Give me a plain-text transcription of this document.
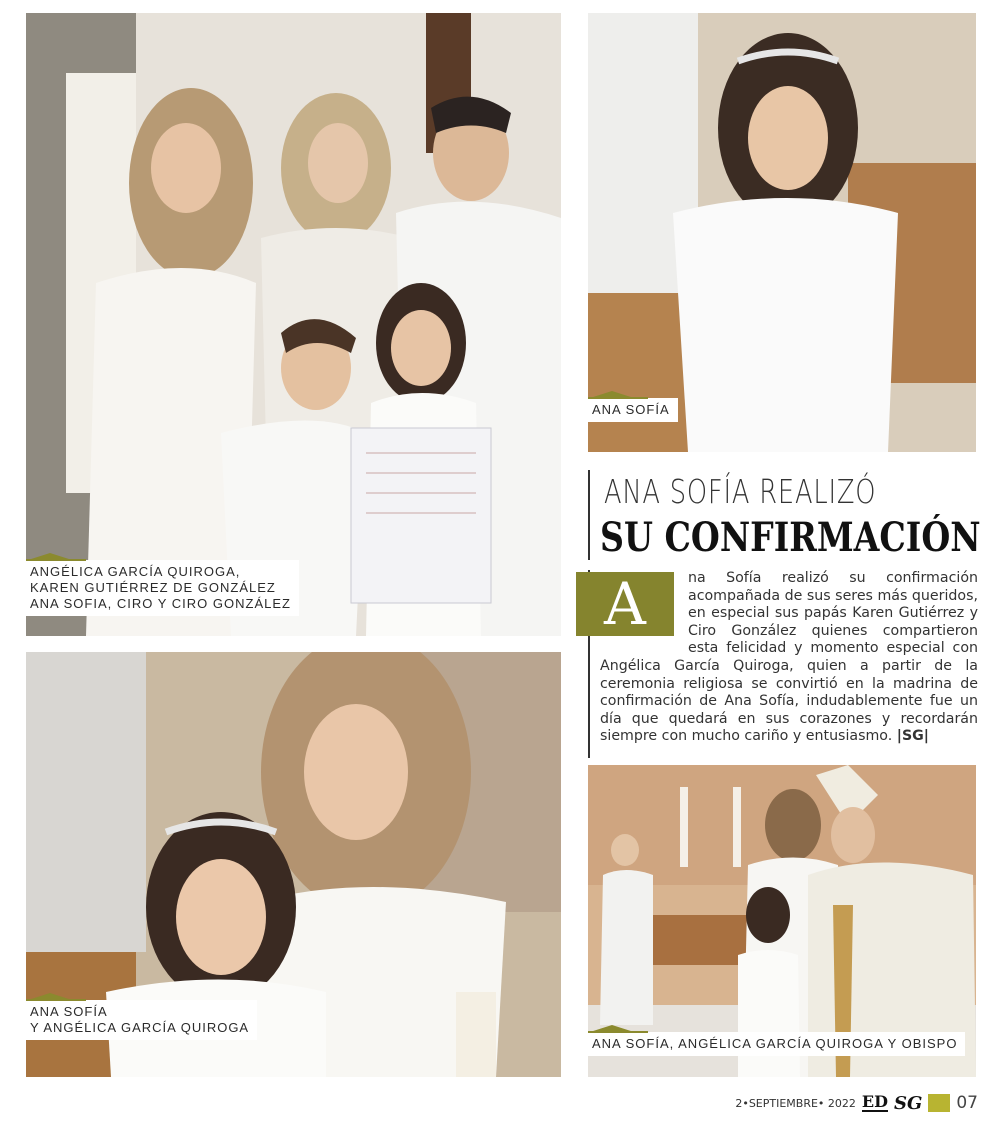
ANGÉLICA GARCÍA QUIROGA,
KAREN GUTIÉRREZ DE GONZÁLEZ
ANA SOFIA, CIRO Y CIRO GONZÁLEZ
ANA SOFÍA
ANA SOFÍA REALIZÓ
SU CONFIRMACIÓN
A	na Sofía realizó su confirmación acompañada de sus seres más queridos, en especial sus papás Karen Gutiérrez y Ciro González quienes compartieron esta felicidad y momento especial con Angélica García Quiroga, quien a partir de la ceremonia religiosa se convirtió en la madrina de confirmación de Ana Sofía, indudablemente fue un día que quedará en sus corazones y recordarán siempre con mucho cariño y entusiasmo. |SG|

ANA SOFÍA
Y ANGÉLICA GARCÍA QUIROGA
ANA SOFÍA, ANGÉLICA GARCÍA QUIROGA Y OBISPO
2•SEPTIEMBRE• 2022 ED SG 07
